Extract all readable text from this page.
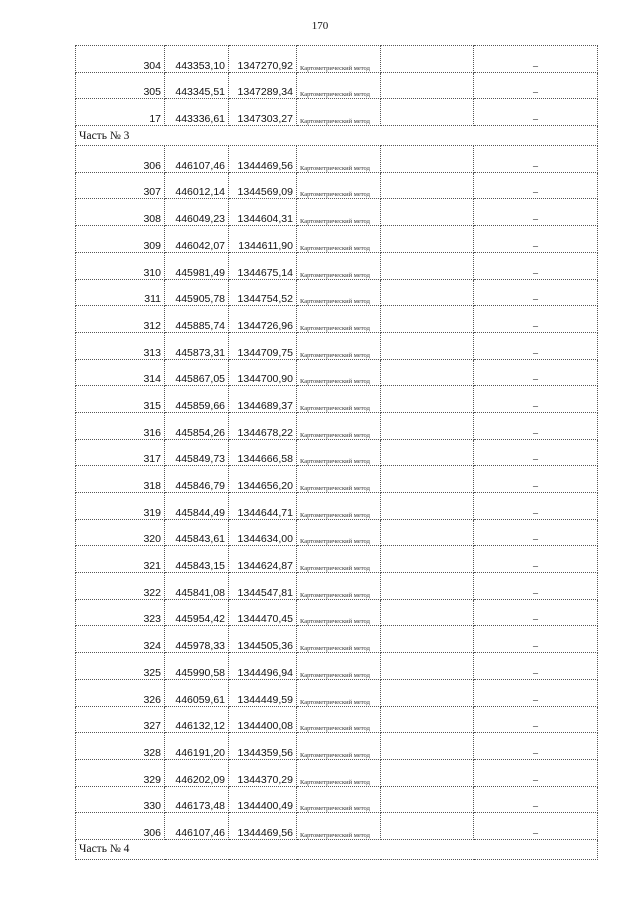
170
304	443353,10	1347270,92	Картометрический метод		–
305	443345,51	1347289,34	Картометрический метод		–
17	443336,61	1347303,27	Картометрический метод		–
Часть № 3					
306	446107,46	1344469,56	Картометрический метод		–
307	446012,14	1344569,09	Картометрический метод		–
308	446049,23	1344604,31	Картометрический метод		–
309	446042,07	1344611,90	Картометрический метод		–
310	445981,49	1344675,14	Картометрический метод		–
311	445905,78	1344754,52	Картометрический метод		–
312	445885,74	1344726,96	Картометрический метод		–
313	445873,31	1344709,75	Картометрический метод		–
314	445867,05	1344700,90	Картометрический метод		–
315	445859,66	1344689,37	Картометрический метод		–
316	445854,26	1344678,22	Картометрический метод		–
317	445849,73	1344666,58	Картометрический метод		–
318	445846,79	1344656,20	Картометрический метод		–
319	445844,49	1344644,71	Картометрический метод		–
320	445843,61	1344634,00	Картометрический метод		–
321	445843,15	1344624,87	Картометрический метод		–
322	445841,08	1344547,81	Картометрический метод		–
323	445954,42	1344470,45	Картометрический метод		–
324	445978,33	1344505,36	Картометрический метод		–
325	445990,58	1344496,94	Картометрический метод		–
326	446059,61	1344449,59	Картометрический метод		–
327	446132,12	1344400,08	Картометрический метод		–
328	446191,20	1344359,56	Картометрический метод		–
329	446202,09	1344370,29	Картометрический метод		–
330	446173,48	1344400,49	Картометрический метод		–
306	446107,46	1344469,56	Картометрический метод		–
Часть № 4					
